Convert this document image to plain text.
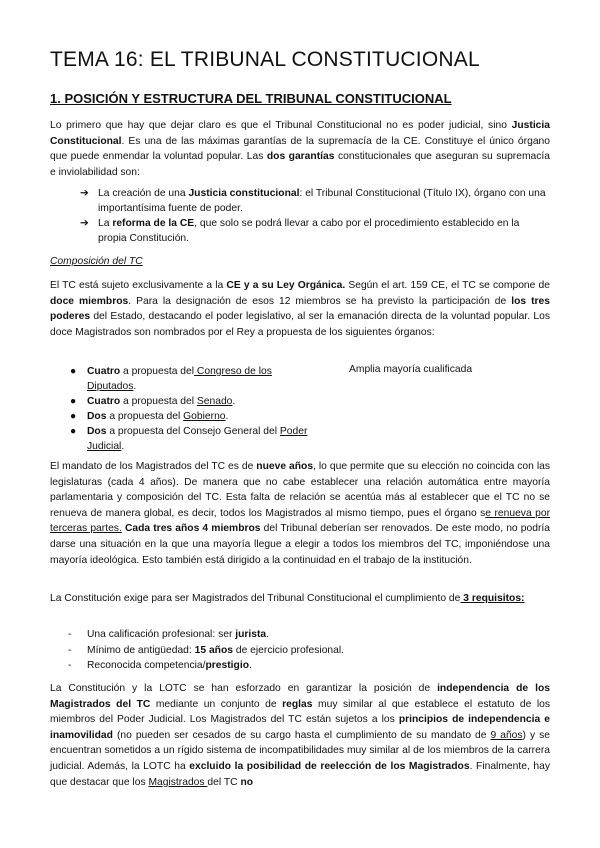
TEMA 16: EL TRIBUNAL CONSTITUCIONAL
1. POSICIÓN Y ESTRUCTURA DEL TRIBUNAL CONSTITUCIONAL
Lo primero que hay que dejar claro es que el Tribunal Constitucional no es poder judicial, sino Justicia Constitucional. Es una de las máximas garantías de la supremacía de la CE. Constituye el único órgano que puede enmendar la voluntad popular. Las dos garantías constitucionales que aseguran su supremacía e inviolabilidad son:
➔ La creación de una Justicia constitucional: el Tribunal Constitucional (Título IX), órgano con una importantísima fuente de poder.
➔ La reforma de la CE, que solo se podrá llevar a cabo por el procedimiento establecido en la propia Constitución.
Composición del TC
El TC está sujeto exclusivamente a la CE y a su Ley Orgánica. Según el art. 159 CE, el TC se compone de doce miembros. Para la designación de esos 12 miembros se ha previsto la participación de los tres poderes del Estado, destacando el poder legislativo, al ser la emanación directa de la voluntad popular. Los doce Magistrados son nombrados por el Rey a propuesta de los siguientes órganos:
● Cuatro a propuesta del Congreso de los Diputados.
● Cuatro a propuesta del Senado.
● Dos a propuesta del Gobierno.
● Dos a propuesta del Consejo General del Poder Judicial.
Amplia mayoría cualificada
El mandato de los Magistrados del TC es de nueve años, lo que permite que su elección no coincida con las legislaturas (cada 4 años). De manera que no cabe establecer una relación automática entre mayoría parlamentaria y composición del TC. Esta falta de relación se acentúa más al establecer que el TC no se renueva de manera global, es decir, todos los Magistrados al mismo tiempo, pues el órgano se renueva por terceras partes. Cada tres años 4 miembros del Tribunal deberían ser renovados. De este modo, no podría darse una situación en la que una mayoría llegue a elegir a todos los miembros del TC, imponiéndose una mayoría ideológica. Esto también está dirigido a la continuidad en el trabajo de la institución.
La Constitución exige para ser Magistrados del Tribunal Constitucional el cumplimiento de 3 requisitos:
- Una calificación profesional: ser jurista.
- Mínimo de antigüedad: 15 años de ejercicio profesional.
- Reconocida competencia/prestigio.
La Constitución y la LOTC se han esforzado en garantizar la posición de independencia de los Magistrados del TC mediante un conjunto de reglas muy similar al que establece el estatuto de los miembros del Poder Judicial. Los Magistrados del TC están sujetos a los principios de independencia e inamovilidad (no pueden ser cesados de su cargo hasta el cumplimiento de su mandato de 9 años) y se encuentran sometidos a un rígido sistema de incompatibilidades muy similar al de los miembros de la carrera judicial. Además, la LOTC ha excluido la posibilidad de reelección de los Magistrados. Finalmente, hay que destacar que los Magistrados del TC no
